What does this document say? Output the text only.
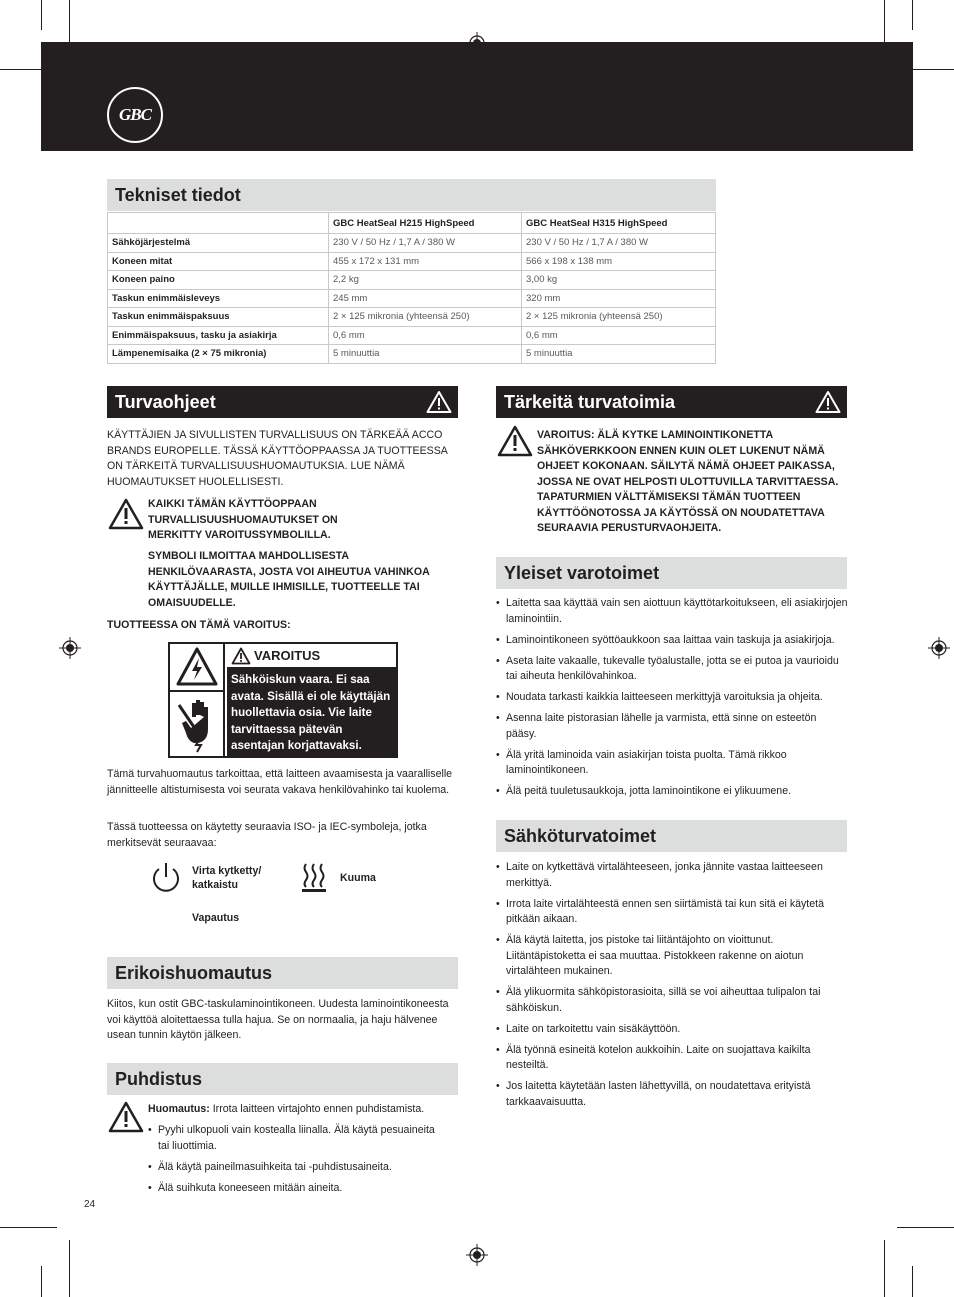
GBC
Tekniset tiedot
	GBC HeatSeal H215 HighSpeed	GBC HeatSeal H315 HighSpeed
Sähköjärjestelmä	230 V / 50 Hz / 1,7 A / 380 W	230 V / 50 Hz / 1,7 A / 380 W
Koneen mitat	455 x 172 x 131 mm	566 x 198 x 138 mm
Koneen paino	2,2 kg	3,00 kg
Taskun enimmäisleveys	245 mm	320 mm
Taskun enimmäispaksuus	2 × 125 mikronia (yhteensä 250)	2 × 125 mikronia (yhteensä 250)
Enimmäispaksuus, tasku ja asiakirja	0,6 mm	0,6 mm
Lämpenemisaika (2 × 75 mikronia)	5 minuuttia	5 minuuttia
Turvaohjeet
KÄYTTÄJIEN JA SIVULLISTEN TURVALLISUUS ON TÄRKEÄÄ ACCO BRANDS EUROPELLE. TÄSSÄ KÄYTTÖOPPAASSA JA TUOTTEESSA ON TÄRKEITÄ TURVALLISUUSHUOMAUTUKSIA. LUE NÄMÄ HUOMAUTUKSET HUOLELLISESTI.
KAIKKI TÄMÄN KÄYTTÖOPPAAN TURVALLISUUSHUOMAUTUKSET ON MERKITTY VAROITUSSYMBOLILLA.
SYMBOLI ILMOITTAA MAHDOLLISESTA HENKILÖVAARASTA, JOSTA VOI AIHEUTUA VAHINKOA KÄYTTÄJÄLLE, MUILLE IHMISILLE, TUOTTEELLE TAI OMAISUUDELLE.
TUOTTEESSA ON TÄMÄ VAROITUS:
VAROITUS
Sähköiskun vaara. Ei saa avata. Sisällä ei ole käyttäjän huollettavia osia. Vie laite tarvittaessa pätevän asentajan korjattavaksi.
Tämä turvahuomautus tarkoittaa, että laitteen avaamisesta ja vaaralliselle jännitteelle altistumisesta voi seurata vakava henkilövahinko tai kuolema.
Tässä tuotteessa on käytetty seuraavia ISO- ja IEC-symboleja, jotka merkitsevät seuraavaa:
Virta kytketty/ katkaistu
Kuuma
Vapautus
Erikoishuomautus
Kiitos, kun ostit GBC-taskulaminointikoneen. Uudesta laminointikoneesta voi käyttöä aloitettaessa tulla hajua. Se on normaalia, ja haju hälvenee usean tunnin käytön jälkeen.
Puhdistus
Huomautus: Irrota laitteen virtajohto ennen puhdistamista.
• Pyyhi ulkopuoli vain kostealla liinalla. Älä käytä pesuaineita tai liuottimia.
• Älä käytä paineilmasuihkeita tai -puhdistusaineita.
• Älä suihkuta koneeseen mitään aineita.
Tärkeitä turvatoimia
VAROITUS: ÄLÄ KYTKE LAMINOINTIKONETTA SÄHKÖVERKKOON ENNEN KUIN OLET LUKENUT NÄMÄ OHJEET KOKONAAN. SÄILYTÄ NÄMÄ OHJEET PAIKASSA, JOSSA NE OVAT HELPOSTI ULOTTUVILLA TARVITTAESSA. TAPATURMIEN VÄLTTÄMISEKSI TÄMÄN TUOTTEEN KÄYTTÖÖNOTOSSA JA KÄYTÖSSÄ ON NOUDATETTAVA SEURAAVIA PERUSTURVAOHJEITA.
Yleiset varotoimet
• Laitetta saa käyttää vain sen aiottuun käyttötarkoitukseen, eli asiakirjojen laminointiin.
• Laminointikoneen syöttöaukkoon saa laittaa vain taskuja ja asiakirjoja.
• Aseta laite vakaalle, tukevalle työalustalle, jotta se ei putoa ja vaurioidu tai aiheuta henkilövahinkoa.
• Noudata tarkasti kaikkia laitteeseen merkittyjä varoituksia ja ohjeita.
• Asenna laite pistorasian lähelle ja varmista, että sinne on esteetön pääsy.
• Älä yritä laminoida vain asiakirjan toista puolta. Tämä rikkoo laminointikoneen.
• Älä peitä tuuletusaukkoja, jotta laminointikone ei ylikuumene.
Sähköturvatoimet
• Laite on kytkettävä virtalähteeseen, jonka jännite vastaa laitteeseen merkittyä.
• Irrota laite virtalähteestä ennen sen siirtämistä tai kun sitä ei käytetä pitkään aikaan.
• Älä käytä laitetta, jos pistoke tai liitäntäjohto on vioittunut. Liitäntäpistoketta ei saa muuttaa. Pistokkeen rakenne on aiotun virtalähteen mukainen.
• Älä ylikuormita sähköpistorasioita, sillä se voi aiheuttaa tulipalon tai sähköiskun.
• Laite on tarkoitettu vain sisäkäyttöön.
• Älä työnnä esineitä kotelon aukkoihin. Laite on suojattava kaikilta nesteiltä.
• Jos laitetta käytetään lasten lähettyvillä, on noudatettava erityistä tarkkaavaisuutta.
24
